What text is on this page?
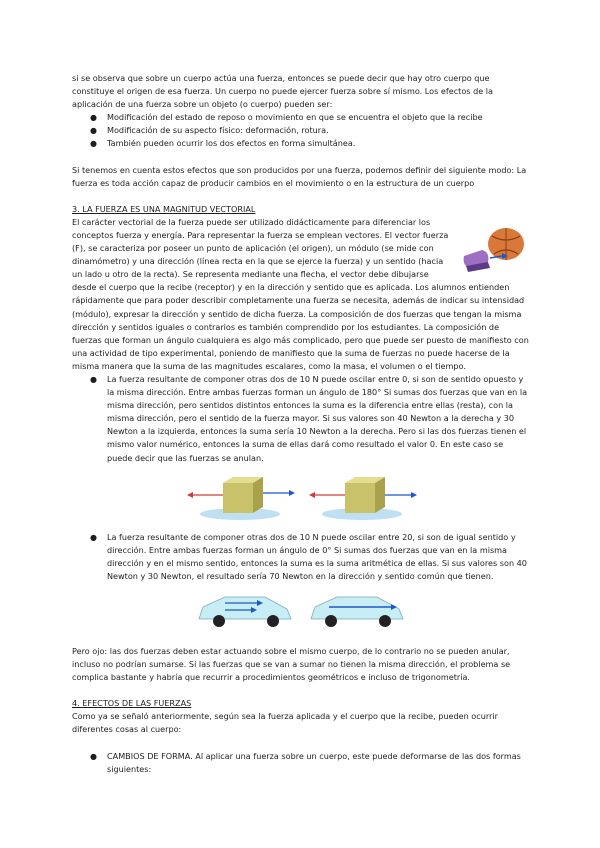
si se observa que sobre un cuerpo actúa una fuerza, entonces se puede decir que hay otro cuerpo que constituye el origen de esa fuerza. Un cuerpo no puede ejercer fuerza sobre sí mismo. Los efectos de la aplicación de una fuerza sobre un objeto (o cuerpo) pueden ser:

● Modificación del estado de reposo o movimiento en que se encuentra el objeto que la recibe
● Modificación de su aspecto físico: deformación, rotura.
● También pueden ocurrir los dos efectos en forma simultánea.

Si tenemos en cuenta estos efectos que son producidos por una fuerza, podemos definir del siguiente modo: La fuerza es toda acción capaz de producir cambios en el movimiento o en la estructura de un cuerpo

3. LA FUERZA ES UNA MAGNITUD VECTORIAL

El carácter vectorial de la fuerza puede ser utilizado didácticamente para diferenciar los conceptos fuerza y energía. Para representar la fuerza se emplean vectores. El vector fuerza (F), se caracteriza por poseer un punto de aplicación (el origen), un módulo (se mide con dinamómetro) y una dirección (línea recta en la que se ejerce la fuerza) y un sentido (hacia un lado u otro de la recta). Se representa mediante una flecha, el vector debe dibujarse desde el cuerpo que la recibe (receptor) y en la dirección y sentido que es aplicada. Los alumnos entienden rápidamente que para poder describir completamente una fuerza se necesita, además de indicar su intensidad (módulo), expresar la dirección y sentido de dicha fuerza. La composición de dos fuerzas que tengan la misma dirección y sentidos iguales o contrarios es también comprendido por los estudiantes. La composición de fuerzas que forman un ángulo cualquiera es algo más complicado, pero que puede ser puesto de manifiesto con una actividad de tipo experimental, poniendo de manifiesto que la suma de fuerzas no puede hacerse de la misma manera que la suma de las magnitudes escalares, como la masa, el volumen o el tiempo.

● La fuerza resultante de componer otras dos de 10 N puede oscilar entre 0, si son de sentido opuesto y la misma dirección. Entre ambas fuerzas forman un ángulo de 180° Si sumas dos fuerzas que van en la misma dirección, pero sentidos distintos entonces la suma es la diferencia entre ellas (resta), con la misma dirección, pero el sentido de la fuerza mayor. Si sus valores son 40 Newton a la derecha y 30 Newton a la izquierda, entonces la suma sería 10 Newton a la derecha. Pero si las dos fuerzas tienen el mismo valor numérico, entonces la suma de ellas dará como resultado el valor 0. En este caso se puede decir que las fuerzas se anulan.
● La fuerza resultante de componer otras dos de 10 N puede oscilar entre 20, si son de igual sentido y dirección. Entre ambas fuerzas forman un ángulo de 0° Si sumas dos fuerzas que van en la misma dirección y en el mismo sentido, entonces la suma es la suma aritmética de ellas. Si sus valores son 40 Newton y 30 Newton, el resultado sería 70 Newton en la dirección y sentido común que tienen.

Pero ojo: las dos fuerzas deben estar actuando sobre el mismo cuerpo, de lo contrario no se pueden anular, incluso no podrían sumarse. Si las fuerzas que se van a sumar no tienen la misma dirección, el problema se complica bastante y habría que recurrir a procedimientos geométricos e incluso de trigonometría.

4. EFECTOS DE LAS FUERZAS

Como ya se señaló anteriormente, según sea la fuerza aplicada y el cuerpo que la recibe, pueden ocurrir diferentes cosas al cuerpo:

● CAMBIOS DE FORMA. Al aplicar una fuerza sobre un cuerpo, este puede deformarse de las dos formas siguientes:
